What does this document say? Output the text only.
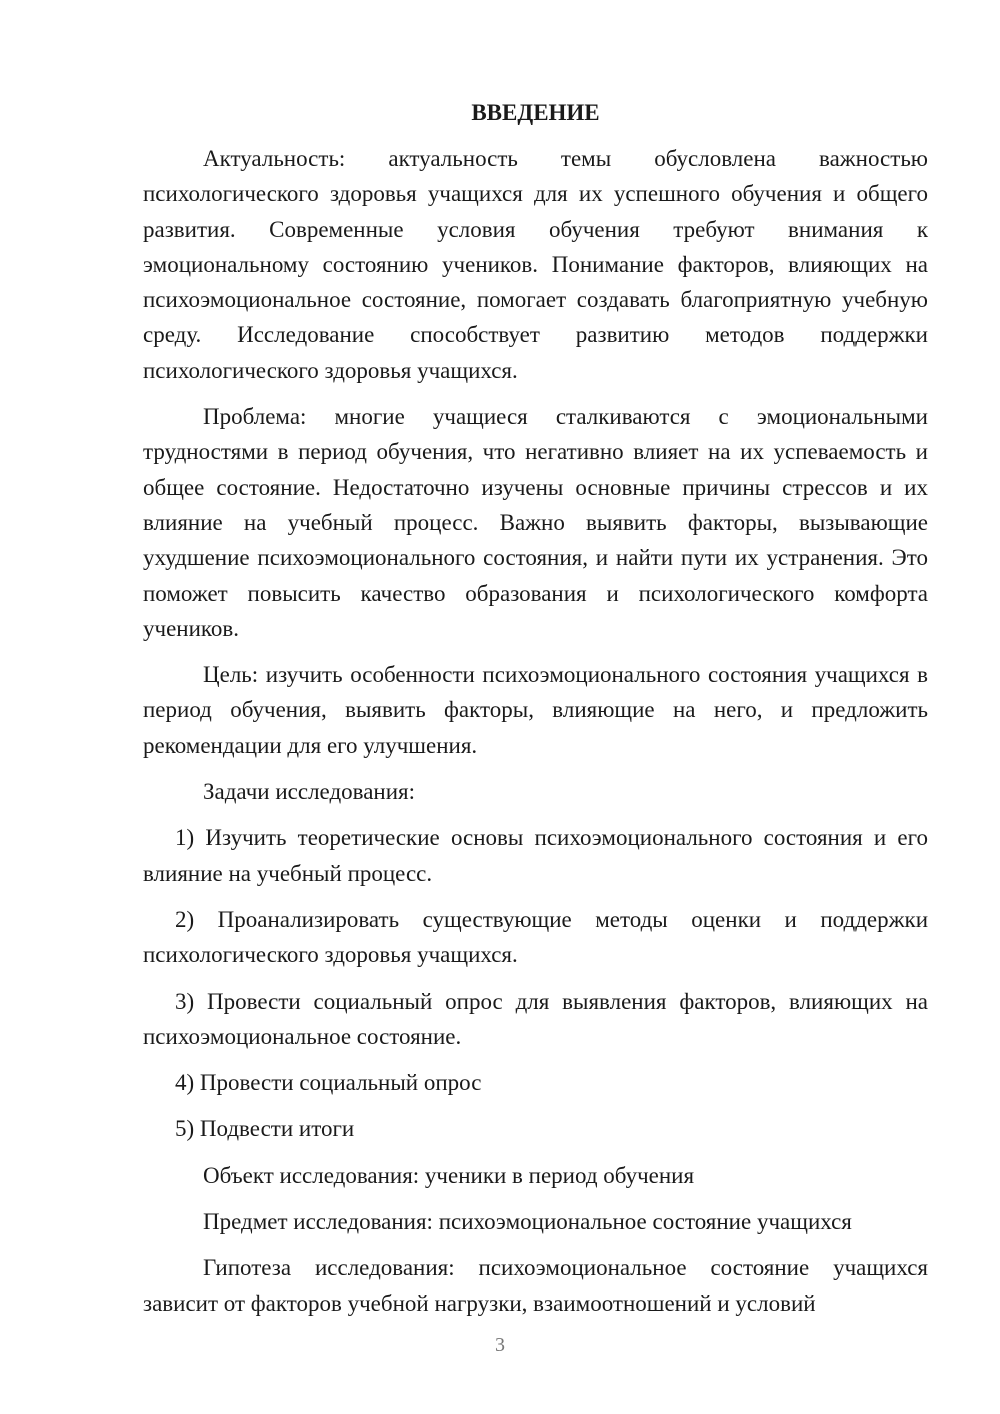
ВВЕДЕНИЕ

Актуальность: актуальность темы обусловлена важностью психологического здоровья учащихся для их успешного обучения и общего развития. Современные условия обучения требуют внимания к эмоциональному состоянию учеников. Понимание факторов, влияющих на психоэмоциональное состояние, помогает создавать благоприятную учебную среду. Исследование способствует развитию методов поддержки психологического здоровья учащихся.

Проблема: многие учащиеся сталкиваются с эмоциональными трудностями в период обучения, что негативно влияет на их успеваемость и общее состояние. Недостаточно изучены основные причины стрессов и их влияние на учебный процесс. Важно выявить факторы, вызывающие ухудшение психоэмоционального состояния, и найти пути их устранения. Это поможет повысить качество образования и психологического комфорта учеников.

Цель: изучить особенности психоэмоционального состояния учащихся в период обучения, выявить факторы, влияющие на него, и предложить рекомендации для его улучшения.

Задачи исследования:

1) Изучить теоретические основы психоэмоционального состояния и его влияние на учебный процесс.

2) Проанализировать существующие методы оценки и поддержки психологического здоровья учащихся.

3) Провести социальный опрос для выявления факторов, влияющих на психоэмоциональное состояние.

4) Провести социальный опрос

5) Подвести итоги

Объект исследования: ученики в период обучения

Предмет исследования: психоэмоциональное состояние учащихся

Гипотеза исследования: психоэмоциональное состояние учащихся зависит от факторов учебной нагрузки, взаимоотношений и условий

3
